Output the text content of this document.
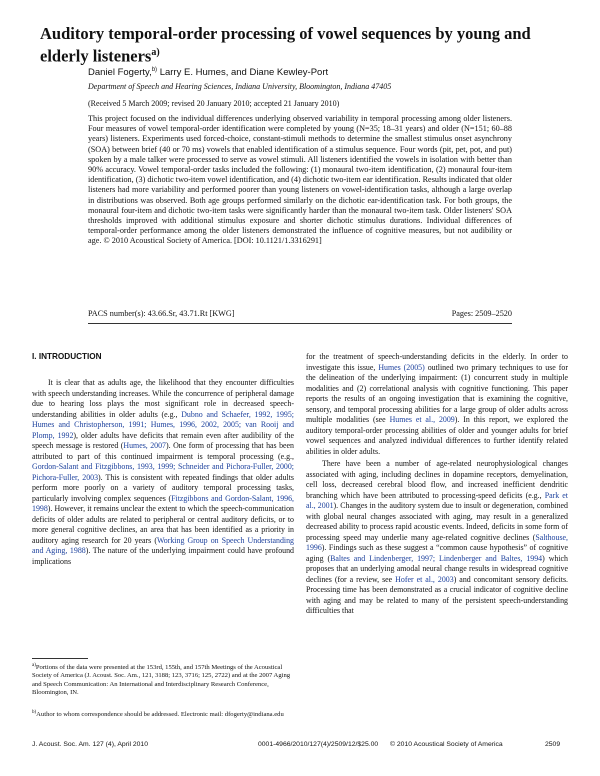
Auditory temporal-order processing of vowel sequences by young and elderly listeners$^{a)}$
Daniel Fogerty,$^{b)}$ Larry E. Humes, and Diane Kewley-Port
Department of Speech and Hearing Sciences, Indiana University, Bloomington, Indiana 47405
(Received 5 March 2009; revised 20 January 2010; accepted 21 January 2010)
This project focused on the individual differences underlying observed variability in temporal processing among older listeners. Four measures of vowel temporal-order identification were completed by young (N=35; 18–31 years) and older (N=151; 60–88 years) listeners. Experiments used forced-choice, constant-stimuli methods to determine the smallest stimulus onset asynchrony (SOA) between brief (40 or 70 ms) vowels that enabled identification of a stimulus sequence. Four words (pit, pet, pot, and put) spoken by a male talker were processed to serve as vowel stimuli. All listeners identified the vowels in isolation with better than 90% accuracy. Vowel temporal-order tasks included the following: (1) monaural two-item identification, (2) monaural four-item identification, (3) dichotic two-item vowel identification, and (4) dichotic two-item ear identification. Results indicated that older listeners had more variability and performed poorer than young listeners on vowel-identification tasks, although a large overlap in distributions was observed. Both age groups performed similarly on the dichotic ear-identification task. For both groups, the monaural four-item and dichotic two-item tasks were significantly harder than the monaural two-item task. Older listeners' SOA thresholds improved with additional stimulus exposure and shorter dichotic stimulus durations. Individual differences of temporal-order performance among the older listeners demonstrated the influence of cognitive measures, but not audibility or age. © 2010 Acoustical Society of America. [DOI: 10.1121/1.3316291]
PACS number(s): 43.66.Sr, 43.71.Rt [KWG]	Pages: 2509–2520
I. INTRODUCTION
It is clear that as adults age, the likelihood that they encounter difficulties with speech understanding increases. While the concurrence of peripheral damage due to hearing loss plays the most significant role in decreased speech-understanding abilities in older adults (e.g., Dubno and Schaefer, 1992, 1995; Humes and Christopherson, 1991; Humes, 1996, 2002, 2005; van Rooij and Plomp, 1992), older adults have deficits that remain even after audibility of the speech message is restored (Humes, 2007). One form of processing that has been attributed to part of this continued impairment is temporal processing (e.g., Gordon-Salant and Fitzgibbons, 1993, 1999; Schneider and Pichora-Fuller, 2000; Pichora-Fuller, 2003). This is consistent with repeated findings that older adults perform more poorly on a variety of auditory temporal processing tasks, particularly involving complex sequences (Fitzgibbons and Gordon-Salant, 1996, 1998). However, it remains unclear the extent to which the speech-communication deficits of older adults are related to peripheral or central auditory deficits, or to more general cognitive declines, an area that has been identified as a priority in auditory aging research for 20 years (Working Group on Speech Understanding and Aging, 1988). The nature of the underlying impairment could have profound implications

for the treatment of speech-understanding deficits in the elderly. In order to investigate this issue, Humes (2005) outlined two primary techniques to use for the delineation of the underlying impairment: (1) concurrent study in multiple modalities and (2) correlational analysis with cognitive functioning. This paper reports the results of an ongoing investigation that is examining the cognitive, sensory, and temporal processing abilities for a large group of older adults across multiple modalities (see Humes et al., 2009). In this report, we explored the auditory temporal-order processing abilities of older and younger adults for brief vowel sequences and analyzed individual differences to further identify related abilities in older adults.

There have been a number of age-related neurophysiological changes associated with aging, including declines in dopamine receptors, demyelination, cell loss, decreased cerebral blood flow, and increased inefficient dendritic branching which have been attributed to processing-speed deficits (e.g., Park et al., 2001). Changes in the auditory system due to insult or degeneration, combined with global neural changes associated with aging, may result in a generalized decreased ability to process rapid acoustic events. Indeed, deficits in some form of processing speed may underlie many age-related cognitive declines (Salthouse, 1996). Findings such as these suggest a “common cause hypothesis” of cognitive aging (Baltes and Lindenberger, 1997; Lindenberger and Baltes, 1994) which proposes that an underlying amodal neural change results in widespread cognitive declines (for a review, see Hofer et al., 2003) and concomitant sensory deficits. Processing time has been demonstrated as a crucial indicator of cognitive decline with aging and may be related to many of the persistent speech-understanding difficulties that

$^{a)}$Portions of the data were presented at the 153rd, 155th, and 157th Meetings of the Acoustical Society of America (J. Acoust. Soc. Am., 121, 3188; 123, 3716; 125, 2722) and at the 2007 Aging and Speech Communication: An International and Interdisciplinary Research Conference, Bloomington, IN.
$^{b)}$Author to whom correspondence should be addressed. Electronic mail: dfogerty@indiana.edu
J. Acoust. Soc. Am. 127 (4), April 2010	0001-4966/2010/127(4)/2509/12/$25.00 © 2010 Acoustical Society of America	2509
